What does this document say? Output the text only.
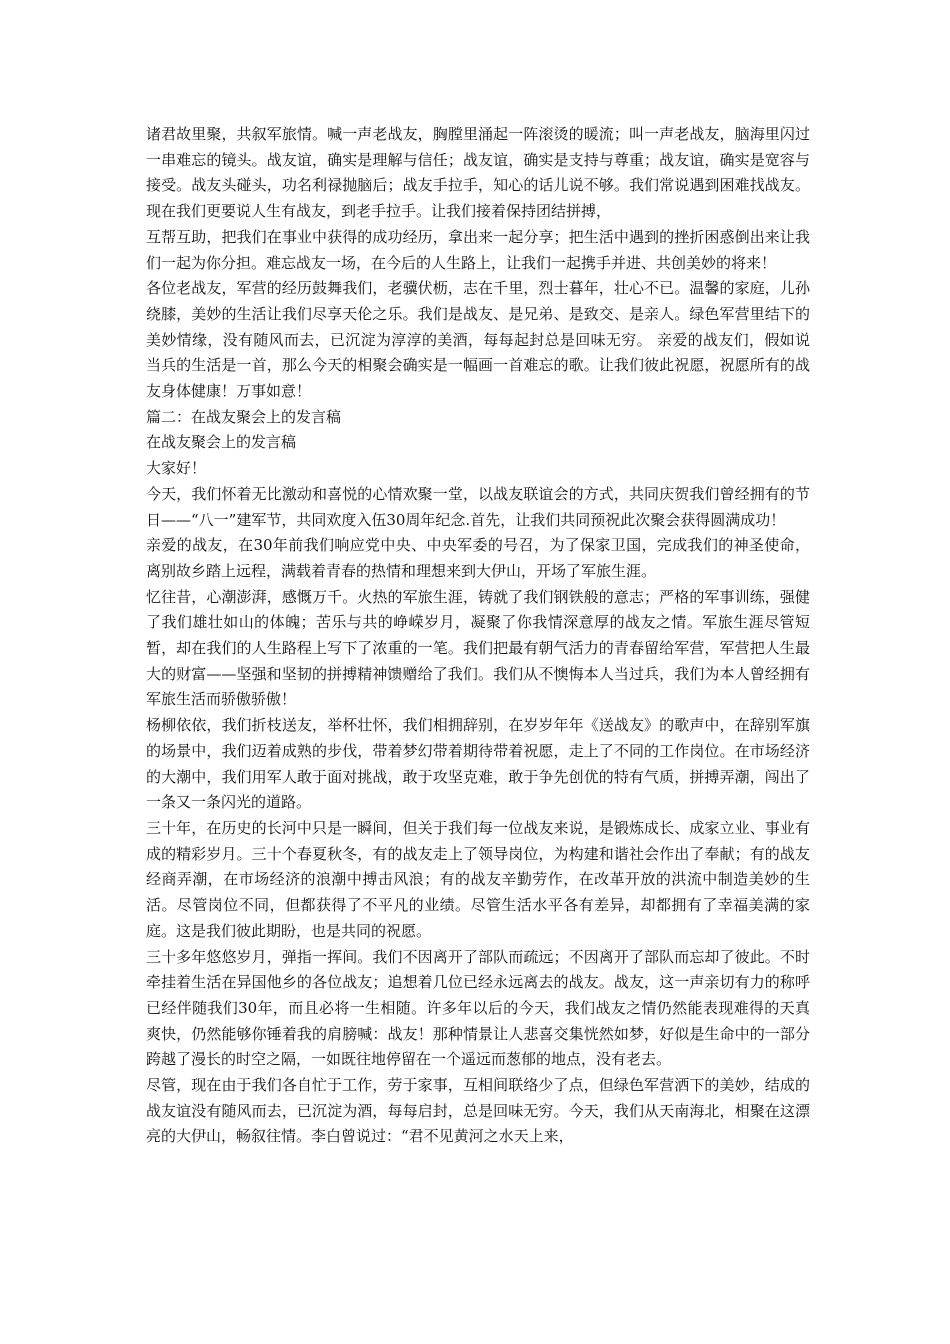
诸君故里聚，共叙军旅情。喊一声老战友，胸膛里涌起一阵滚烫的暖流；叫一声老战友，脑海里闪过一串难忘的镜头。战友谊，确实是理解与信任；战友谊，确实是支持与尊重；战友谊，确实是宽容与接受。战友头碰头，功名利禄抛脑后；战友手拉手，知心的话儿说不够。我们常说遇到困难找战友。现在我们更要说人生有战友，到老手拉手。让我们接着保持团结拼搏，

互帮互助，把我们在事业中获得的成功经历，拿出来一起分享；把生活中遇到的挫折困惑倒出来让我们一起为你分担。难忘战友一场，在今后的人生路上，让我们一起携手并进、共创美妙的将来！

各位老战友，军营的经历鼓舞我们，老骥伏枥，志在千里，烈士暮年，壮心不已。温馨的家庭，儿孙绕膝，美妙的生活让我们尽享天伦之乐。我们是战友、是兄弟、是致交、是亲人。绿色军营里结下的美妙情缘，没有随风而去，已沉淀为淳淳的美酒，每每起封总是回味无穷。 亲爱的战友们，假如说当兵的生活是一首，那么今天的相聚会确实是一幅画一首难忘的歌。让我们彼此祝愿，祝愿所有的战友身体健康！万事如意！

篇二：在战友聚会上的发言稿

在战友聚会上的发言稿

大家好！

今天，我们怀着无比激动和喜悦的心情欢聚一堂，以战友联谊会的方式，共同庆贺我们曾经拥有的节日——“八一”建军节，共同欢度入伍30周年纪念.首先，让我们共同预祝此次聚会获得圆满成功！

亲爱的战友，在30年前我们响应党中央、中央军委的号召，为了保家卫国，完成我们的神圣使命，离别故乡踏上远程，满载着青春的热情和理想来到大伊山，开场了军旅生涯。

忆往昔，心潮澎湃，感慨万千。火热的军旅生涯，铸就了我们钢铁般的意志；严格的军事训练，强健了我们雄壮如山的体魄；苦乐与共的峥嵘岁月，凝聚了你我情深意厚的战友之情。军旅生涯尽管短暂，却在我们的人生路程上写下了浓重的一笔。我们把最有朝气活力的青春留给军营，军营把人生最大的财富——坚强和坚韧的拼搏精神馈赠给了我们。我们从不懊悔本人当过兵，我们为本人曾经拥有军旅生活而骄傲骄傲！

杨柳依依，我们折枝送友，举杯壮怀，我们相拥辞别，在岁岁年年《送战友》的歌声中，在辞别军旗的场景中，我们迈着成熟的步伐，带着梦幻带着期待带着祝愿，走上了不同的工作岗位。在市场经济的大潮中，我们用军人敢于面对挑战，敢于攻坚克难，敢于争先创优的特有气质，拼搏弄潮，闯出了一条又一条闪光的道路。

三十年，在历史的长河中只是一瞬间，但关于我们每一位战友来说，是锻炼成长、成家立业、事业有成的精彩岁月。三十个春夏秋冬，有的战友走上了领导岗位，为构建和谐社会作出了奉献；有的战友经商弄潮，在市场经济的浪潮中搏击风浪；有的战友辛勤劳作，在改革开放的洪流中制造美妙的生活。尽管岗位不同，但都获得了不平凡的业绩。尽管生活水平各有差异，却都拥有了幸福美满的家庭。这是我们彼此期盼，也是共同的祝愿。

三十多年悠悠岁月，弹指一挥间。我们不因离开了部队而疏远；不因离开了部队而忘却了彼此。不时牵挂着生活在异国他乡的各位战友；追想着几位已经永远离去的战友。战友，这一声亲切有力的称呼已经伴随我们30年，而且必将一生相随。许多年以后的今天，我们战友之情仍然能表现难得的天真爽快，仍然能够你锤着我的肩膀喊：战友！那种情景让人悲喜交集恍然如梦，好似是生命中的一部分跨越了漫长的时空之隔，一如既往地停留在一个遥远而葱郁的地点，没有老去。

尽管，现在由于我们各自忙于工作，劳于家事，互相间联络少了点，但绿色军营洒下的美妙，结成的战友谊没有随风而去，已沉淀为酒，每每启封，总是回味无穷。今天，我们从天南海北，相聚在这漂亮的大伊山，畅叙往情。李白曾说过：“君不见黄河之水天上来，
